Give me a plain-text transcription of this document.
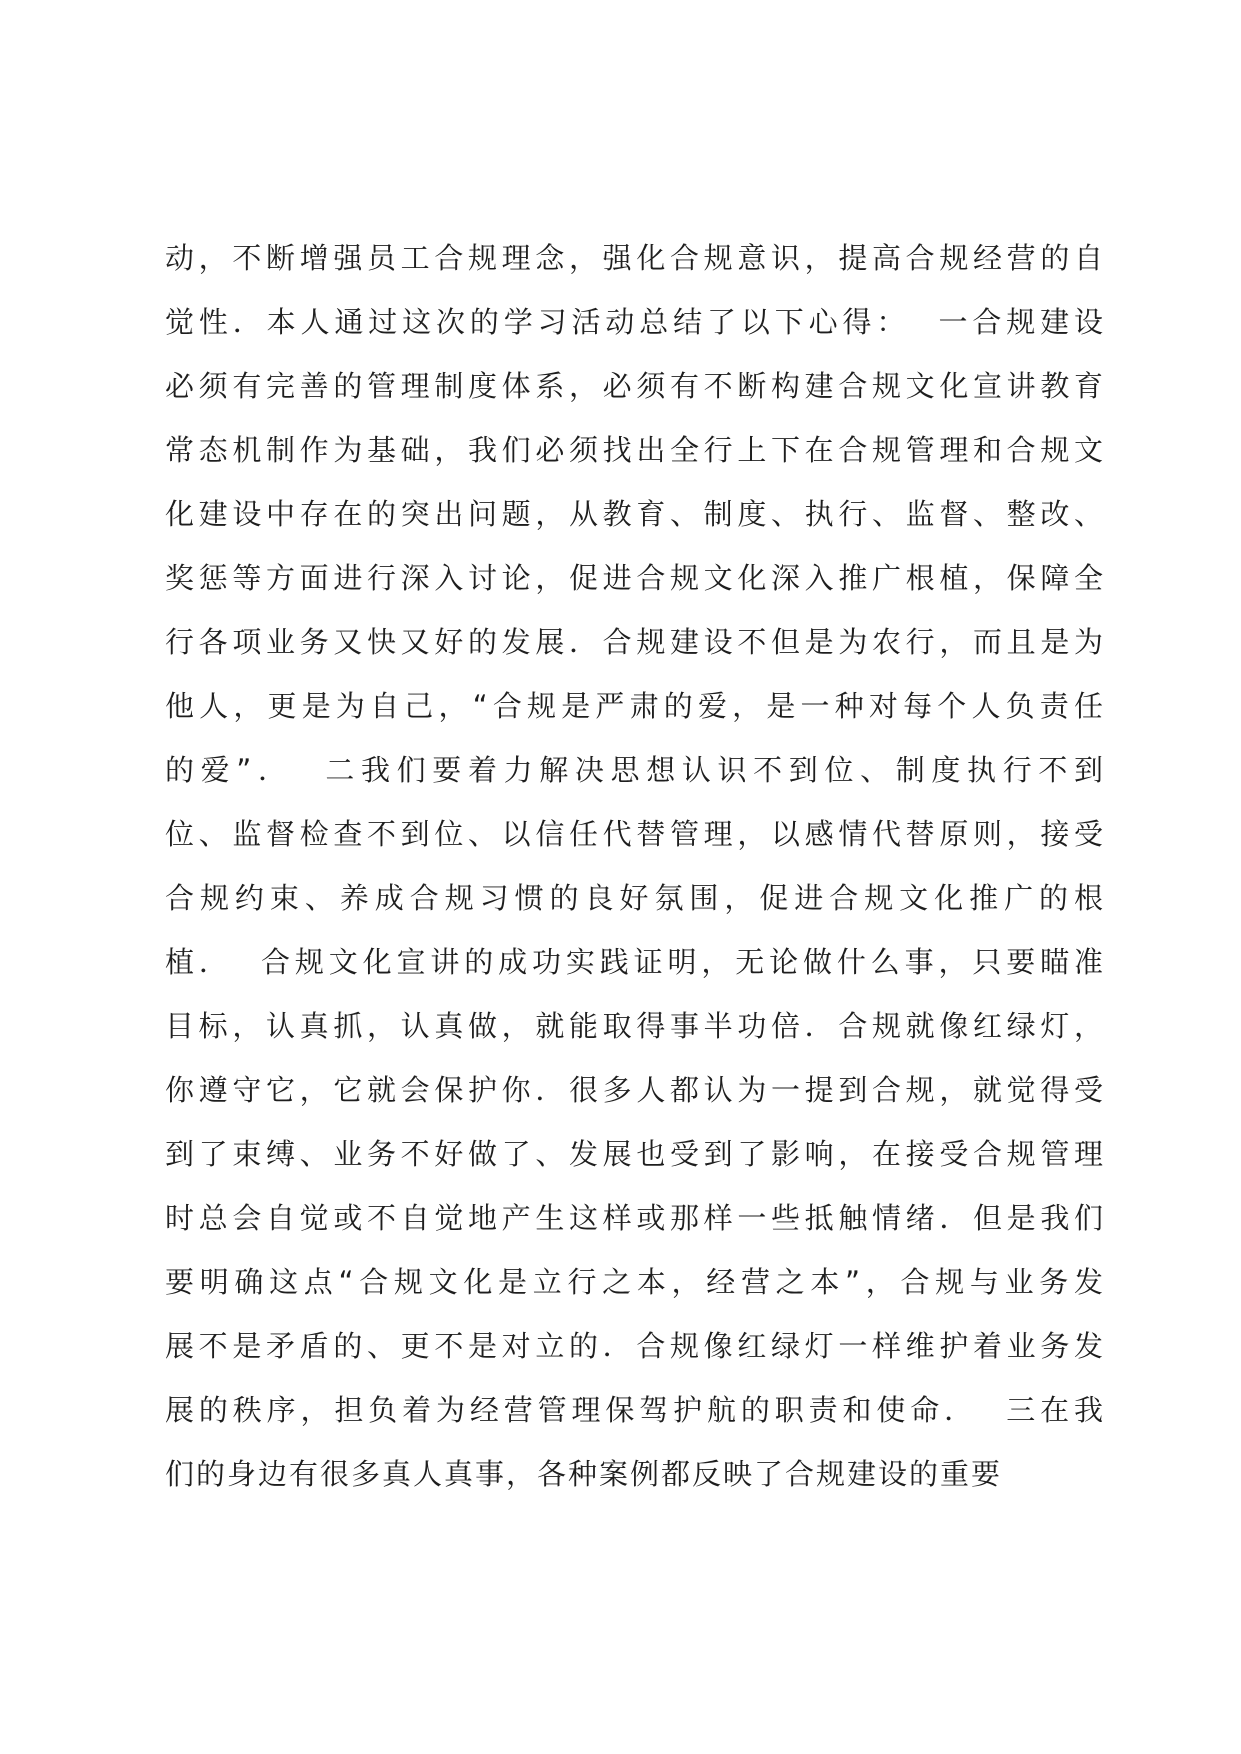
动，不断增强员工合规理念，强化合规意识，提高合规经营的自
觉性．本人通过这次的学习活动总结了以下心得：  一合规建设
必须有完善的管理制度体系，必须有不断构建合规文化宣讲教育
常态机制作为基础，我们必须找出全行上下在合规管理和合规文
化建设中存在的突出问题，从教育、制度、执行、监督、整改、
奖惩等方面进行深入讨论，促进合规文化深入推广根植，保障全
行各项业务又快又好的发展．合规建设不但是为农行，而且是为
他人，更是为自己，“合规是严肃的爱，是一种对每个人负责任
的爱”．  二我们要着力解决思想认识不到位、制度执行不到
位、监督检查不到位、以信任代替管理，以感情代替原则，接受
合规约束、养成合规习惯的良好氛围，促进合规文化推广的根
植．  合规文化宣讲的成功实践证明，无论做什么事，只要瞄准
目标，认真抓，认真做，就能取得事半功倍．合规就像红绿灯，
你遵守它，它就会保护你．很多人都认为一提到合规，就觉得受
到了束缚、业务不好做了、发展也受到了影响，在接受合规管理
时总会自觉或不自觉地产生这样或那样一些抵触情绪．但是我们
要明确这点“合规文化是立行之本，经营之本”，合规与业务发
展不是矛盾的、更不是对立的．合规像红绿灯一样维护着业务发
展的秩序，担负着为经营管理保驾护航的职责和使命．  三在我
们的身边有很多真人真事，各种案例都反映了合规建设的重要
